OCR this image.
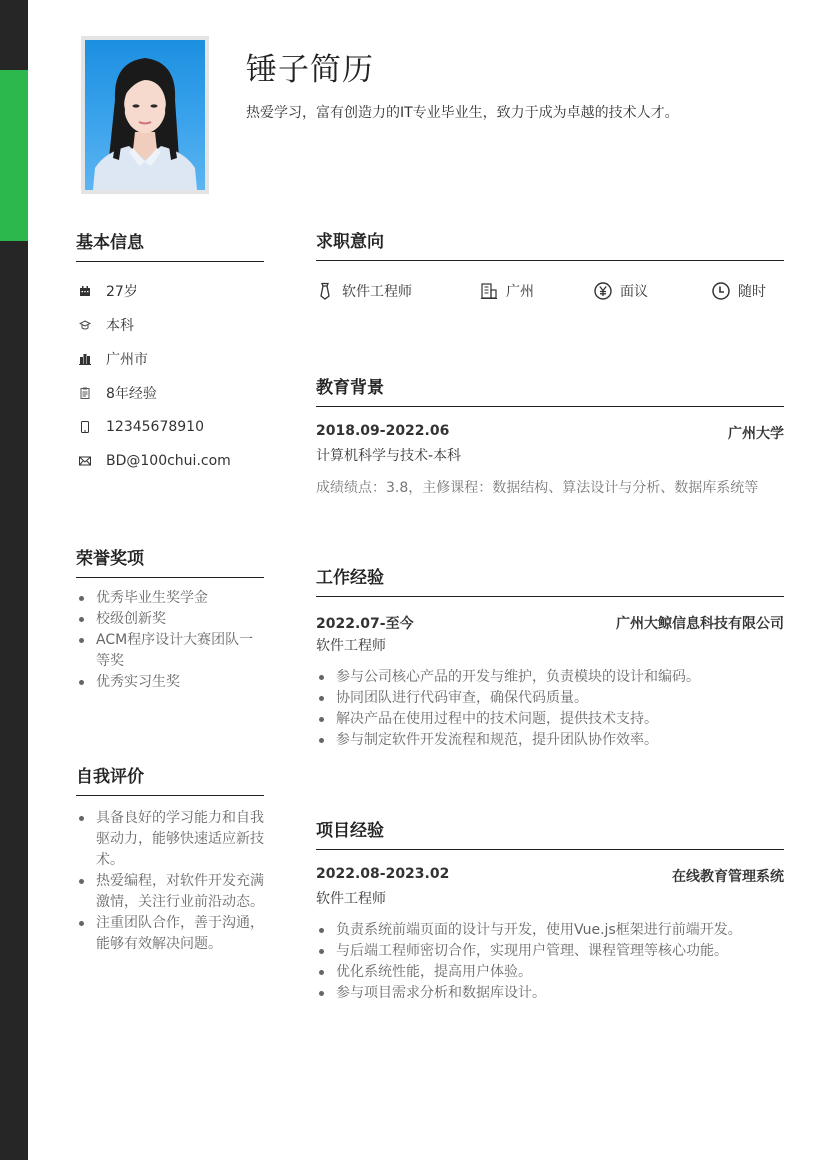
锤子简历
热爱学习，富有创造力的IT专业毕业生，致力于成为卓越的技术人才。
基本信息
27岁
本科
广州市
8年经验
12345678910
BD@100chui.com
荣誉奖项
优秀毕业生奖学金
校级创新奖
ACM程序设计大赛团队一等奖
优秀实习生奖
自我评价
具备良好的学习能力和自我驱动力，能够快速适应新技术。
热爱编程，对软件开发充满激情，关注行业前沿动态。
注重团队合作，善于沟通，能够有效解决问题。
求职意向
软件工程师	广州	面议	随时
教育背景
2018.09-2022.06	广州大学
计算机科学与技术-本科
成绩绩点：3.8，主修课程：数据结构、算法设计与分析、数据库系统等
工作经验
2022.07-至今	广州大鲸信息科技有限公司
软件工程师
参与公司核心产品的开发与维护，负责模块的设计和编码。
协同团队进行代码审查，确保代码质量。
解决产品在使用过程中的技术问题，提供技术支持。
参与制定软件开发流程和规范，提升团队协作效率。
项目经验
2022.08-2023.02	在线教育管理系统
软件工程师
负责系统前端页面的设计与开发，使用Vue.js框架进行前端开发。
与后端工程师密切合作，实现用户管理、课程管理等核心功能。
优化系统性能，提高用户体验。
参与项目需求分析和数据库设计。
